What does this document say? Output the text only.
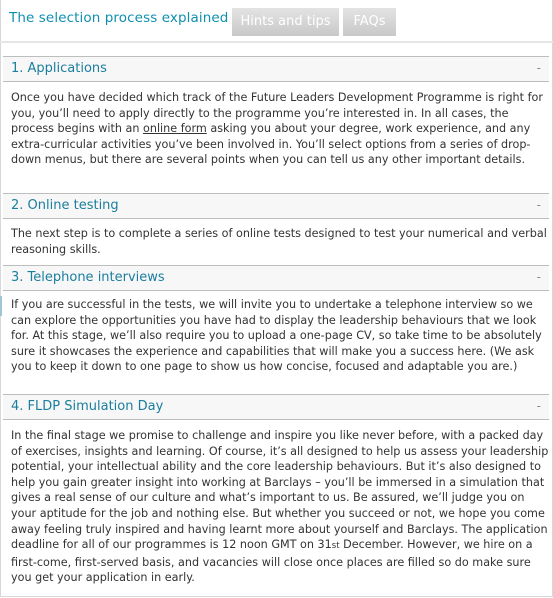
The selection process explained Hints and tips	FAQs
1. Applications	-

Once you have decided which track of the Future Leaders Development Programme is right for you, you’ll need to apply directly to the programme you’re interested in. In all cases, the process begins with an online form asking you about your degree, work experience, and any extra-curricular activities you’ve been involved in. You’ll select options from a series of drop-down menus, but there are several points when you can tell us any other important details.

2. Online testing	-

The next step is to complete a series of online tests designed to test your numerical and verbal reasoning skills.

3. Telephone interviews	-

If you are successful in the tests, we will invite you to undertake a telephone interview so we can explore the opportunities you have had to display the leadership behaviours that we look for. At this stage, we’ll also require you to upload a one-page CV, so take time to be absolutely sure it showcases the experience and capabilities that will make you a success here. (We ask you to keep it down to one page to show us how concise, focused and adaptable you are.)

4. FLDP Simulation Day	-

In the final stage we promise to challenge and inspire you like never before, with a packed day of exercises, insights and learning. Of course, it’s all designed to help us assess your leadership potential, your intellectual ability and the core leadership behaviours. But it’s also designed to help you gain greater insight into working at Barclays – you’ll be immersed in a simulation that gives a real sense of our culture and what’s important to us. Be assured, we’ll judge you on your aptitude for the job and nothing else. But whether you succeed or not, we hope you come away feeling truly inspired and having learnt more about yourself and Barclays. The application deadline for all of our programmes is 12 noon GMT on 31st December. However, we hire on a first-come, first-served basis, and vacancies will close once places are filled so do make sure you get your application in early.
